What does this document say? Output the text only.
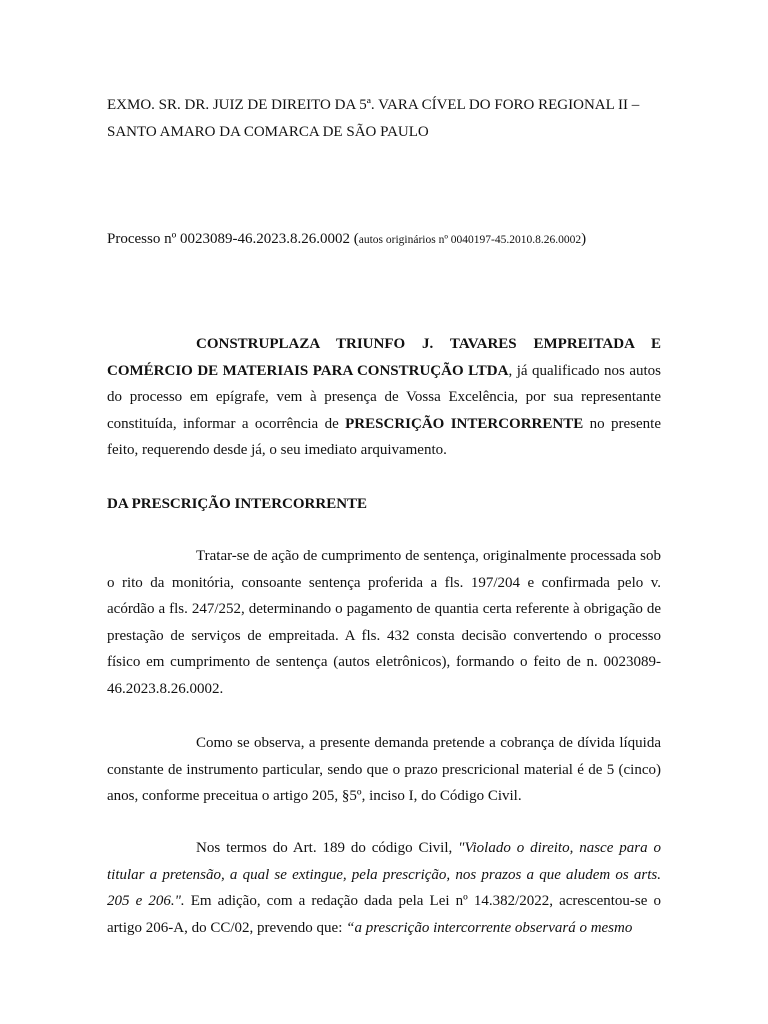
EXMO. SR. DR. JUIZ DE DIREITO DA 5ª. VARA CÍVEL DO FORO REGIONAL II – SANTO AMARO DA COMARCA DE SÃO PAULO
Processo nº 0023089-46.2023.8.26.0002 (autos originários nº 0040197-45.2010.8.26.0002)
CONSTRUPLAZA TRIUNFO J. TAVARES EMPREITADA E COMÉRCIO DE MATERIAIS PARA CONSTRUÇÃO LTDA, já qualificado nos autos do processo em epígrafe, vem à presença de Vossa Excelência, por sua representante constituída, informar a ocorrência de PRESCRIÇÃO INTERCORRENTE no presente feito, requerendo desde já, o seu imediato arquivamento.
DA PRESCRIÇÃO INTERCORRENTE
Tratar-se de ação de cumprimento de sentença, originalmente processada sob o rito da monitória, consoante sentença proferida a fls. 197/204 e confirmada pelo v. acórdão a fls. 247/252, determinando o pagamento de quantia certa referente à obrigação de prestação de serviços de empreitada. A fls. 432 consta decisão convertendo o processo físico em cumprimento de sentença (autos eletrônicos), formando o feito de n. 0023089-46.2023.8.26.0002.
Como se observa, a presente demanda pretende a cobrança de dívida líquida constante de instrumento particular, sendo que o prazo prescricional material é de 5 (cinco) anos, conforme preceitua o artigo 205, §5º, inciso I, do Código Civil.
Nos termos do Art. 189 do código Civil, "Violado o direito, nasce para o titular a pretensão, a qual se extingue, pela prescrição, nos prazos a que aludem os arts. 205 e 206.". Em adição, com a redação dada pela Lei nº 14.382/2022, acrescentou-se o artigo 206-A, do CC/02, prevendo que: “a prescrição intercorrente observará o mesmo
